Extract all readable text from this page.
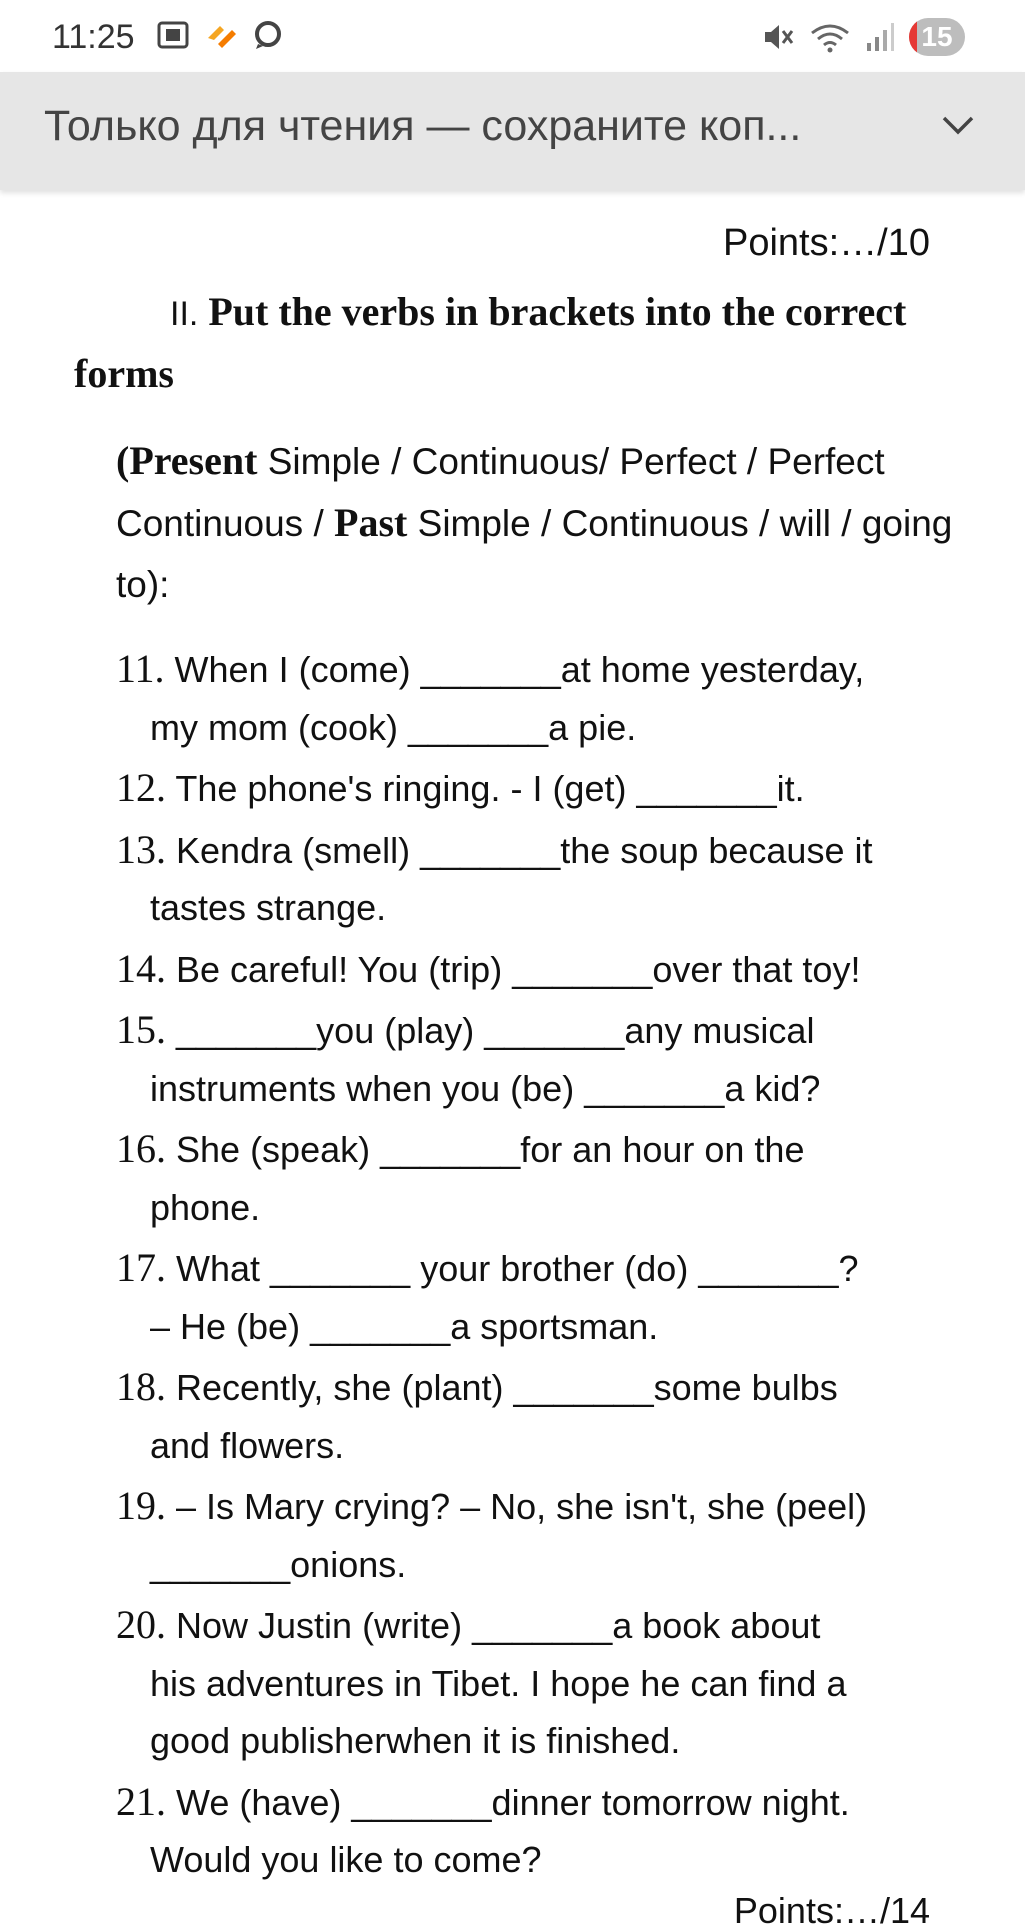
11:25	15
Только для чтения — сохраните коп...
Points:…/10
II. Put the verbs in brackets into the correct forms
(Present Simple / Continuous/ Perfect / Perfect Continuous / Past Simple / Continuous / will / going to):
11. When I (come) _______at home yesterday,
my mom (cook) _______a pie.
12. The phone's ringing. - I (get) _______it.
13. Kendra (smell) _______the soup because it
tastes strange.
14. Be careful! You (trip) _______over that toy!
15. _______you (play) _______any musical
instruments when you (be) _______a kid?
16. She (speak) _______for an hour on the
phone.
17. What _______ your brother (do) _______?
– He (be) _______a sportsman.
18. Recently, she (plant) _______some bulbs
and flowers.
19. – Is Mary crying? – No, she isn't, she (peel)
_______onions.
20. Now Justin (write) _______a book about
his adventures in Tibet. I hope he can find a
good publisherwhen it is finished.
21. We (have) _______dinner tomorrow night.
Would you like to come?
Points:…/14
